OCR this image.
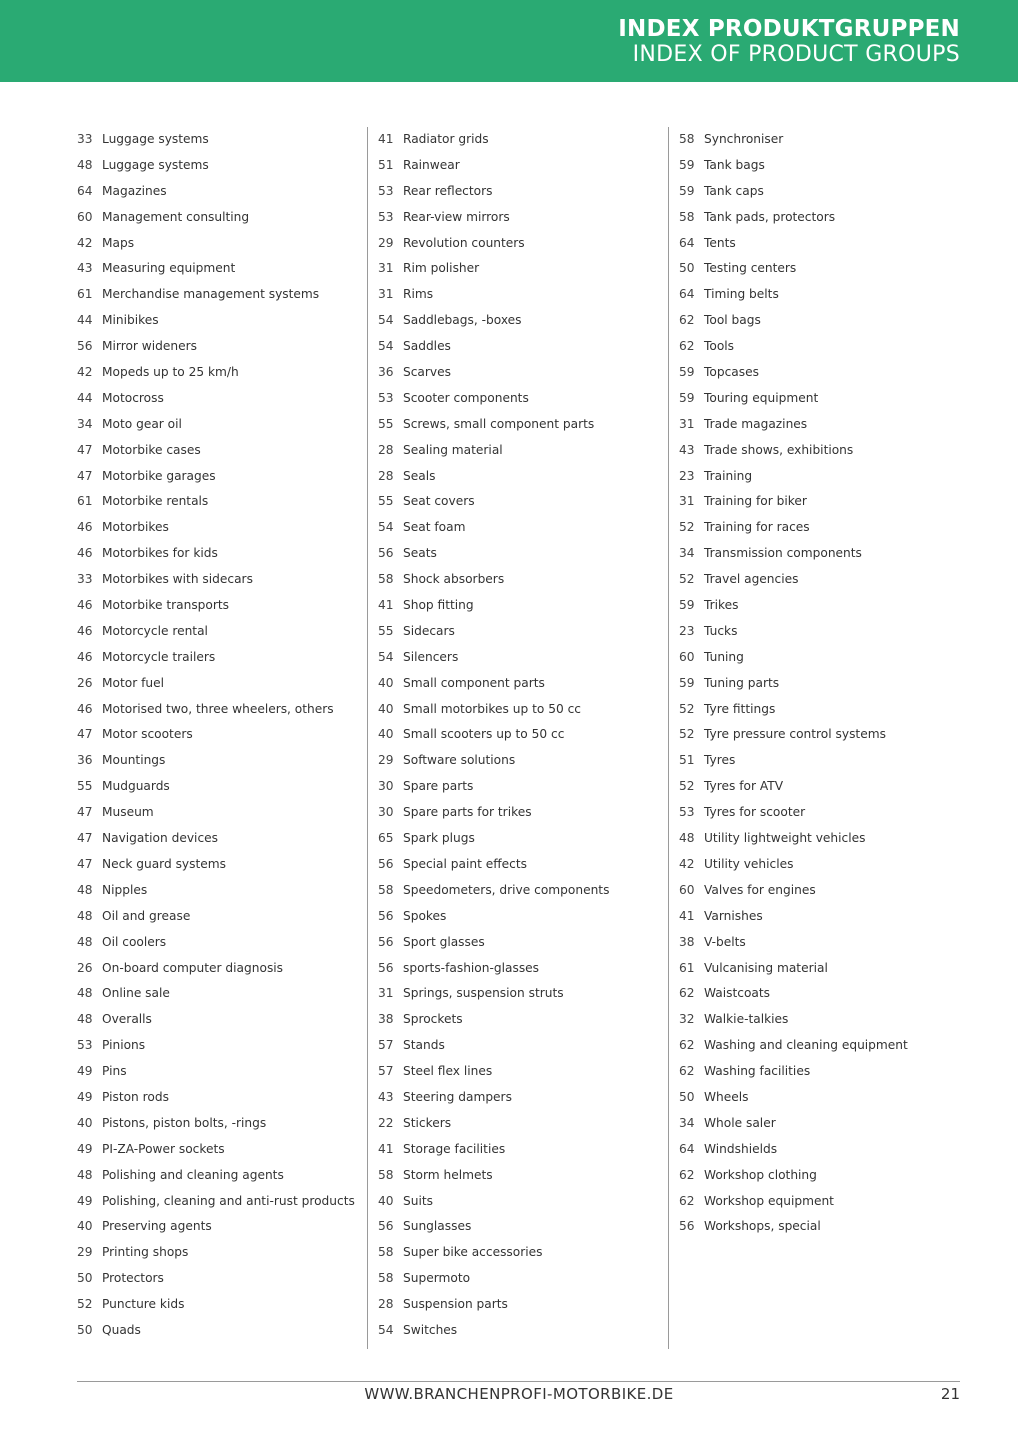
INDEX PRODUKTGRUPPEN
INDEX OF PRODUCT GROUPS
33 Luggage systems
48 Luggage systems
64 Magazines
60 Management consulting
42 Maps
43 Measuring equipment
61 Merchandise management systems
44 Minibikes
56 Mirror wideners
42 Mopeds up to 25 km/h
44 Motocross
34 Moto gear oil
47 Motorbike cases
47 Motorbike garages
61 Motorbike rentals
46 Motorbikes
46 Motorbikes for kids
33 Motorbikes with sidecars
46 Motorbike transports
46 Motorcycle rental
46 Motorcycle trailers
26 Motor fuel
46 Motorised two, three wheelers, others
47 Motor scooters
36 Mountings
55 Mudguards
47 Museum
47 Navigation devices
47 Neck guard systems
48 Nipples
48 Oil and grease
48 Oil coolers
26 On-board computer diagnosis
48 Online sale
48 Overalls
53 Pinions
49 Pins
49 Piston rods
40 Pistons, piston bolts, -rings
49 PI-ZA-Power sockets
48 Polishing and cleaning agents
49 Polishing, cleaning and anti-rust products
40 Preserving agents
29 Printing shops
50 Protectors
52 Puncture kids
50 Quads
41 Radiator grids
51 Rainwear
53 Rear reflectors
53 Rear-view mirrors
29 Revolution counters
31 Rim polisher
31 Rims
54 Saddlebags, -boxes
54 Saddles
36 Scarves
53 Scooter components
55 Screws, small component parts
28 Sealing material
28 Seals
55 Seat covers
54 Seat foam
56 Seats
58 Shock absorbers
41 Shop fitting
55 Sidecars
54 Silencers
40 Small component parts
40 Small motorbikes up to 50 cc
40 Small scooters up to 50 cc
29 Software solutions
30 Spare parts
30 Spare parts for trikes
65 Spark plugs
56 Special paint effects
58 Speedometers, drive components
56 Spokes
56 Sport glasses
56 sports-fashion-glasses
31 Springs, suspension struts
38 Sprockets
57 Stands
57 Steel flex lines
43 Steering dampers
22 Stickers
41 Storage facilities
58 Storm helmets
40 Suits
56 Sunglasses
58 Super bike accessories
58 Supermoto
28 Suspension parts
54 Switches
58 Synchroniser
59 Tank bags
59 Tank caps
58 Tank pads, protectors
64 Tents
50 Testing centers
64 Timing belts
62 Tool bags
62 Tools
59 Topcases
59 Touring equipment
31 Trade magazines
43 Trade shows, exhibitions
23 Training
31 Training for biker
52 Training for races
34 Transmission components
52 Travel agencies
59 Trikes
23 Tucks
60 Tuning
59 Tuning parts
52 Tyre fittings
52 Tyre pressure control systems
51 Tyres
52 Tyres for ATV
53 Tyres for scooter
48 Utility lightweight vehicles
42 Utility vehicles
60 Valves for engines
41 Varnishes
38 V-belts
61 Vulcanising material
62 Waistcoats
32 Walkie-talkies
62 Washing and cleaning equipment
62 Washing facilities
50 Wheels
34 Whole saler
64 Windshields
62 Workshop clothing
62 Workshop equipment
56 Workshops, special
WWW.BRANCHENPROFI-MOTORBIKE.DE	21
